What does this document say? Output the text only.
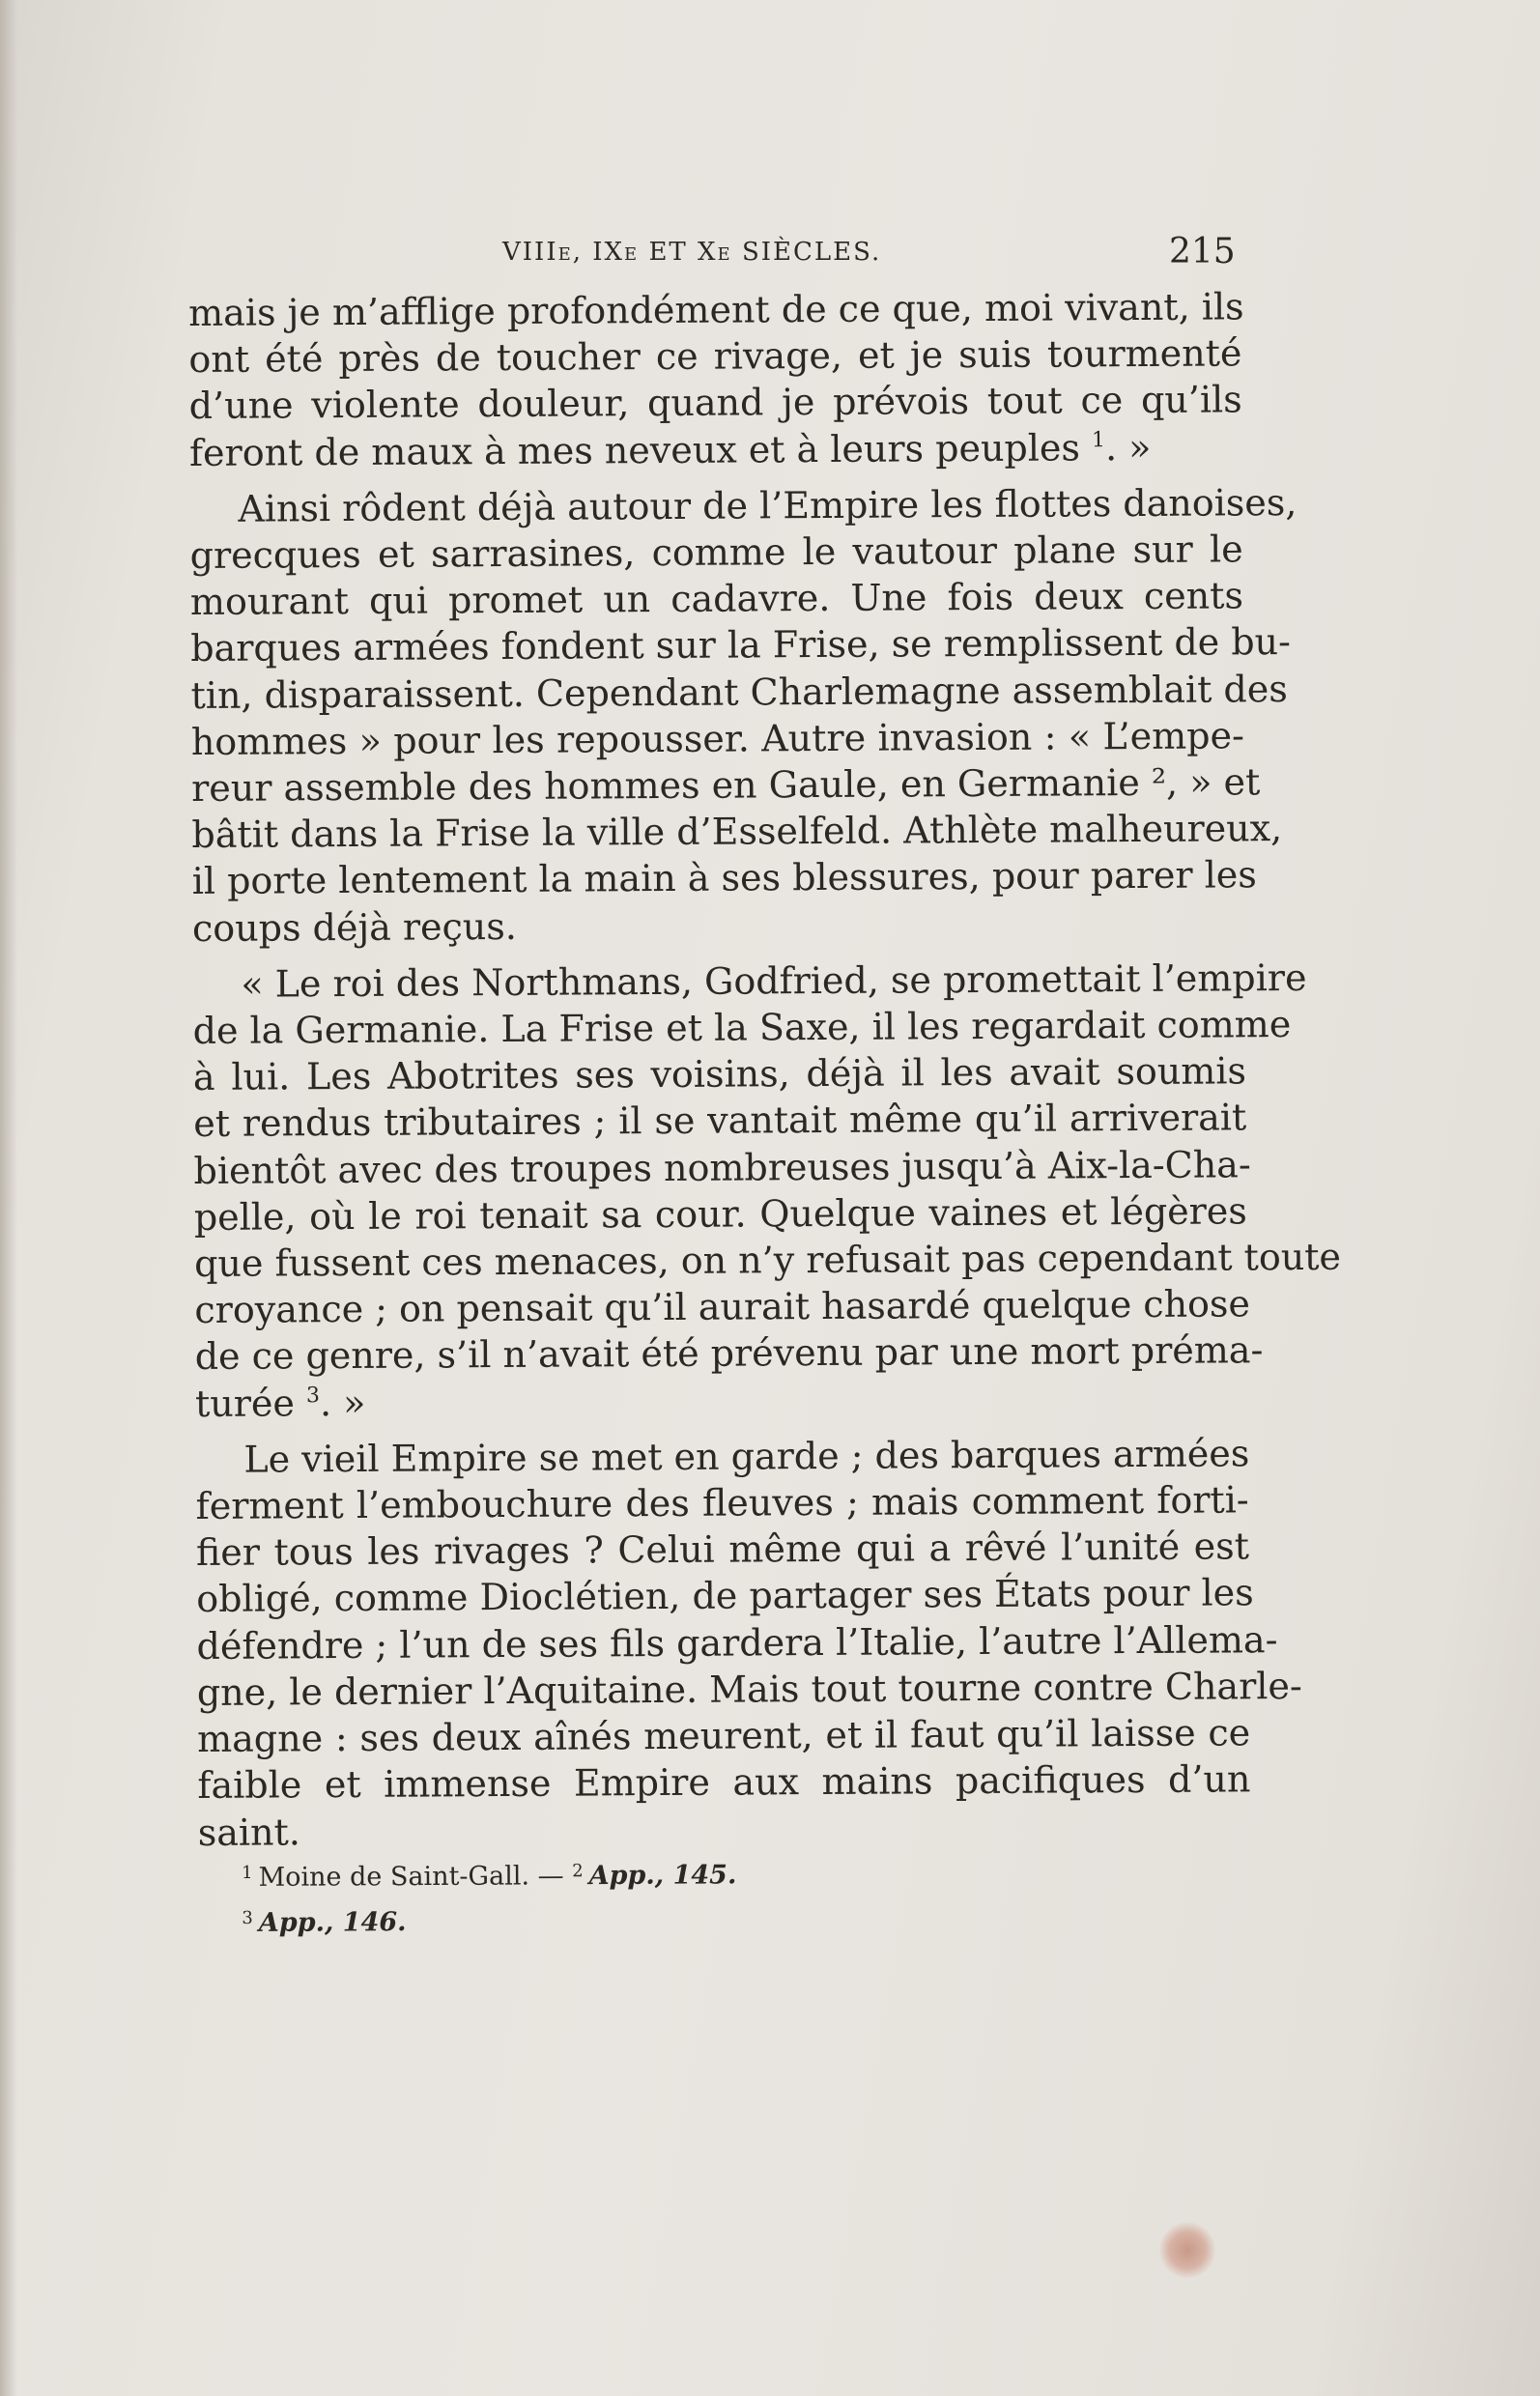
VIIIe, IXe ET Xe SIÈCLES.	215

mais je m’afflige profondément de ce que, moi vivant, ils
ont été près de toucher ce rivage, et je suis tourmenté
d’une violente douleur, quand je prévois tout ce qu’ils
feront de maux à mes neveux et à leurs peuples $^1$. »

Ainsi rôdent déjà autour de l’Empire les flottes danoises,
grecques et sarrasines, comme le vautour plane sur le
mourant qui promet un cadavre. Une fois deux cents
barques armées fondent sur la Frise, se remplissent de bu-
tin, disparaissent. Cependant Charlemagne assemblait des
hommes » pour les repousser. Autre invasion : « L’empe-
reur assemble des hommes en Gaule, en Germanie ², » et
bâtit dans la Frise la ville d’Esselfeld. Athlète malheureux,
il porte lentement la main à ses blessures, pour parer les
coups déjà reçus.

« Le roi des Northmans, Godfried, se promettait l’empire
de la Germanie. La Frise et la Saxe, il les regardait comme
à lui. Les Abotrites ses voisins, déjà il les avait soumis
et rendus tributaires ; il se vantait même qu’il arriverait
bientôt avec des troupes nombreuses jusqu’à Aix-la-Cha-
pelle, où le roi tenait sa cour. Quelque vaines et légères
que fussent ces menaces, on n’y refusait pas cependant toute
croyance ; on pensait qu’il aurait hasardé quelque chose
de ce genre, s’il n’avait été prévenu par une mort préma-
turée $^3$. »

Le vieil Empire se met en garde ; des barques armées
ferment l’embouchure des fleuves ; mais comment forti-
fier tous les rivages ? Celui même qui a rêvé l’unité est
obligé, comme Dioclétien, de partager ses États pour les
défendre ; l’un de ses fils gardera l’Italie, l’autre l’Allema-
gne, le dernier l’Aquitaine. Mais tout tourne contre Charle-
magne : ses deux aînés meurent, et il faut qu’il laisse ce
faible et immense Empire aux mains pacifiques d’un
saint.

$^1$ Moine de Saint-Gall. — $^2$ App., 145.
$^3$ App., 146.
